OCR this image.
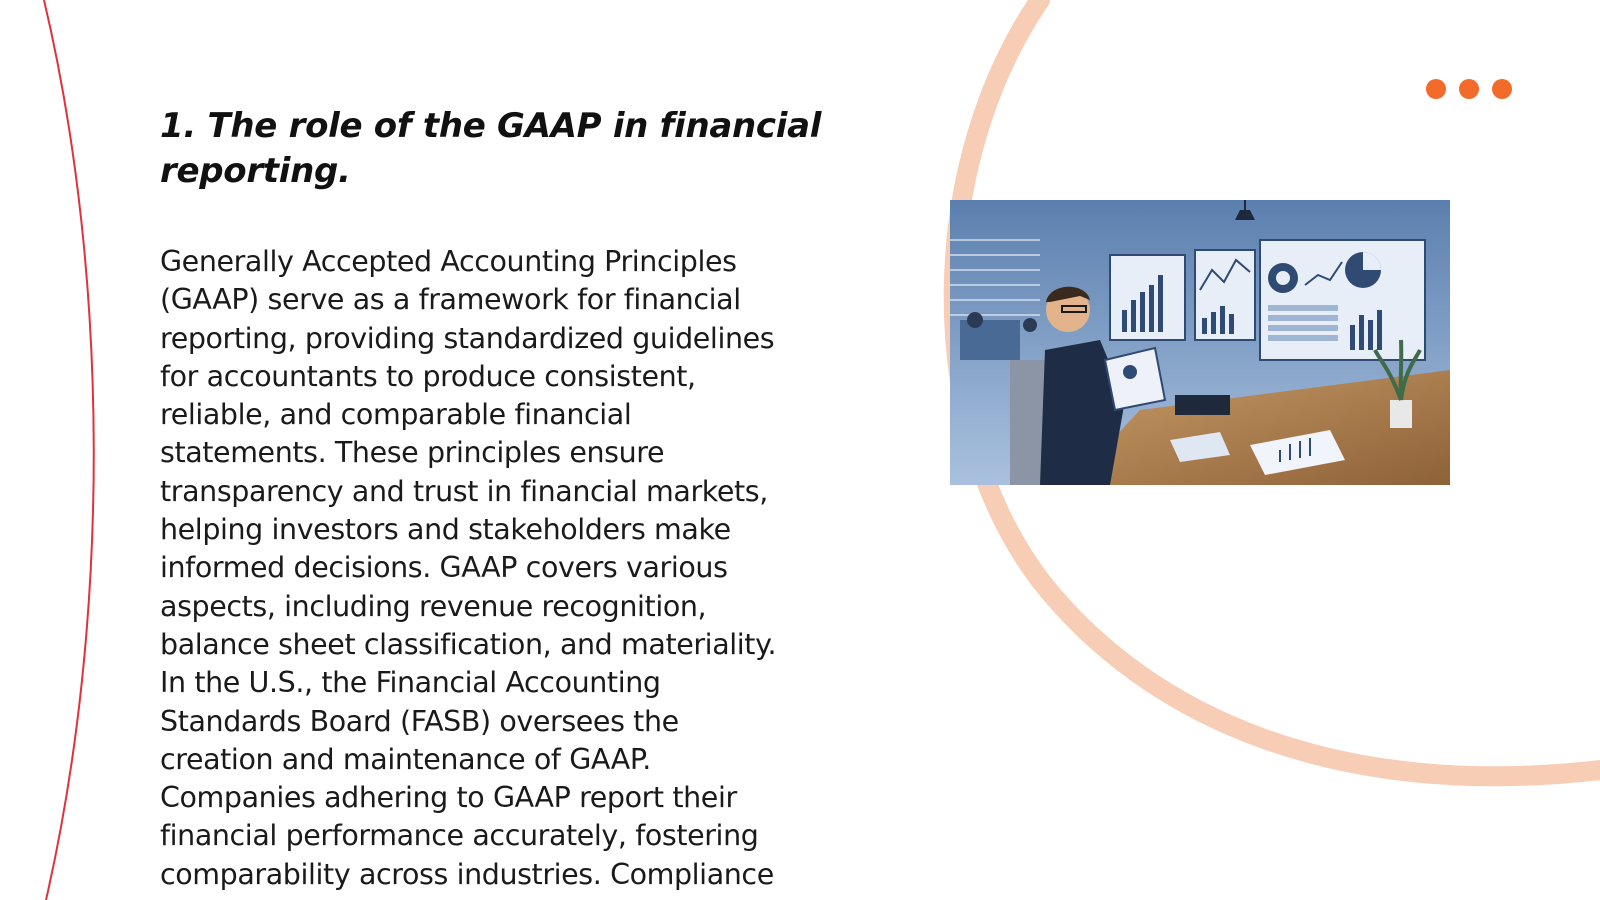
1. The role of the GAAP in financial reporting.

Generally Accepted Accounting Principles
(GAAP) serve as a framework for financial
reporting, providing standardized guidelines
for accountants to produce consistent,
reliable, and comparable financial
statements. These principles ensure
transparency and trust in financial markets,
helping investors and stakeholders make
informed decisions. GAAP covers various
aspects, including revenue recognition,
balance sheet classification, and materiality.
In the U.S., the Financial Accounting
Standards Board (FASB) oversees the
creation and maintenance of GAAP.
Companies adhering to GAAP report their
financial performance accurately, fostering
comparability across industries. Compliance
